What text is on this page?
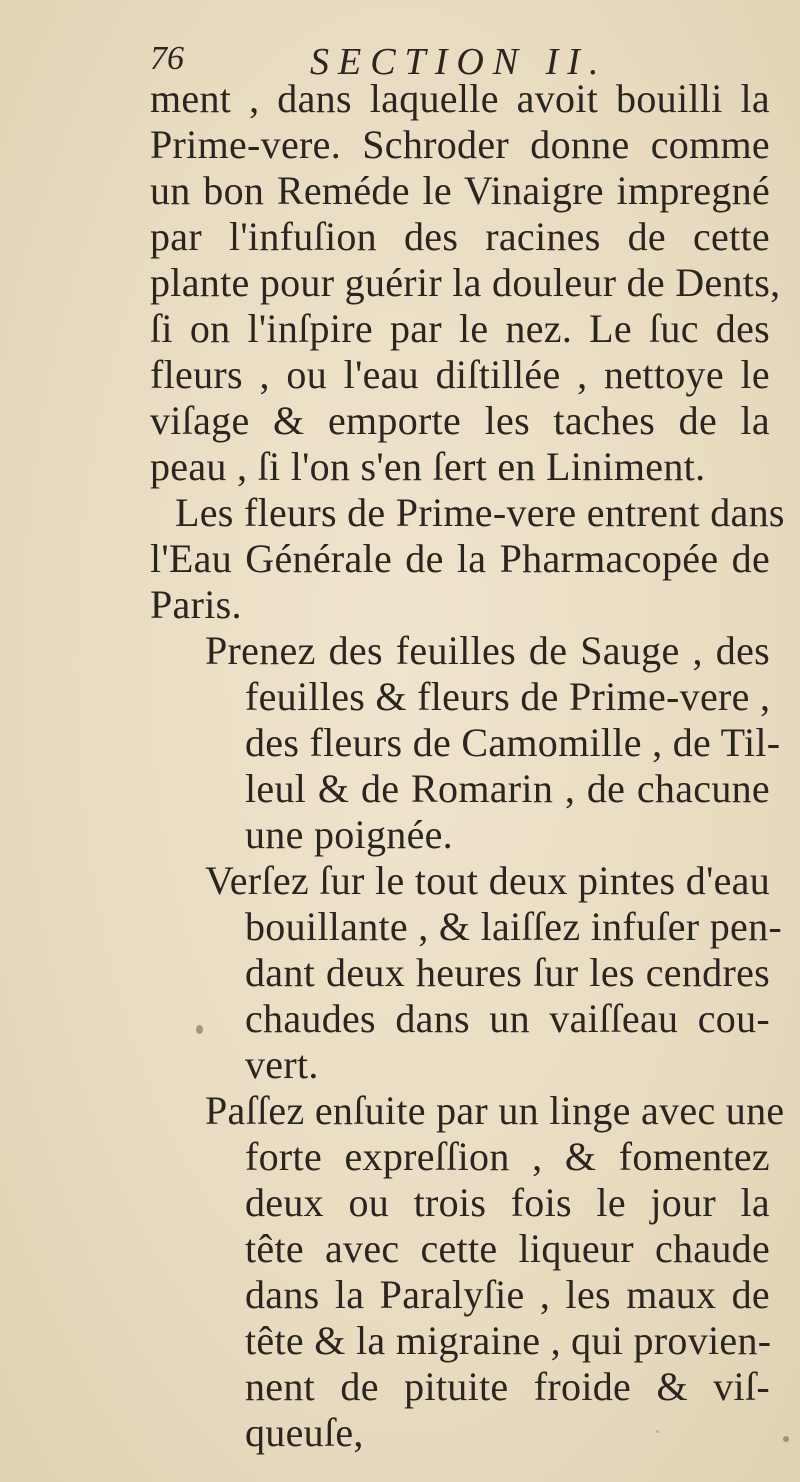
76	SECTION II.
ment , dans laquelle avoit bouilli la
Prime-vere. Schroder donne comme
un bon Reméde le Vinaigre impregné
par l'infuſion des racines de cette
plante pour guérir la douleur de Dents,
ſi on l'inſpire par le nez. Le ſuc des
fleurs , ou l'eau diſtillée , nettoye le
viſage & emporte les taches de la
peau , ſi l'on s'en ſert en Liniment.
Les fleurs de Prime-vere entrent dans
l'Eau Générale de la Pharmacopée de
Paris.
Prenez des feuilles de Sauge , des
feuilles & fleurs de Prime-vere ,
des fleurs de Camomille , de Til-
leul & de Romarin , de chacune
une poignée.
Verſez ſur le tout deux pintes d'eau
bouillante , & laiſſez infuſer pen-
dant deux heures ſur les cendres
chaudes dans un vaiſſeau cou-
vert.
Paſſez enſuite par un linge avec une
forte expreſſion , & fomentez
deux ou trois fois le jour la
tête avec cette liqueur chaude
dans la Paralyſie , les maux de
tête & la migraine , qui provien-
nent de pituite froide & viſ-
queuſe,
